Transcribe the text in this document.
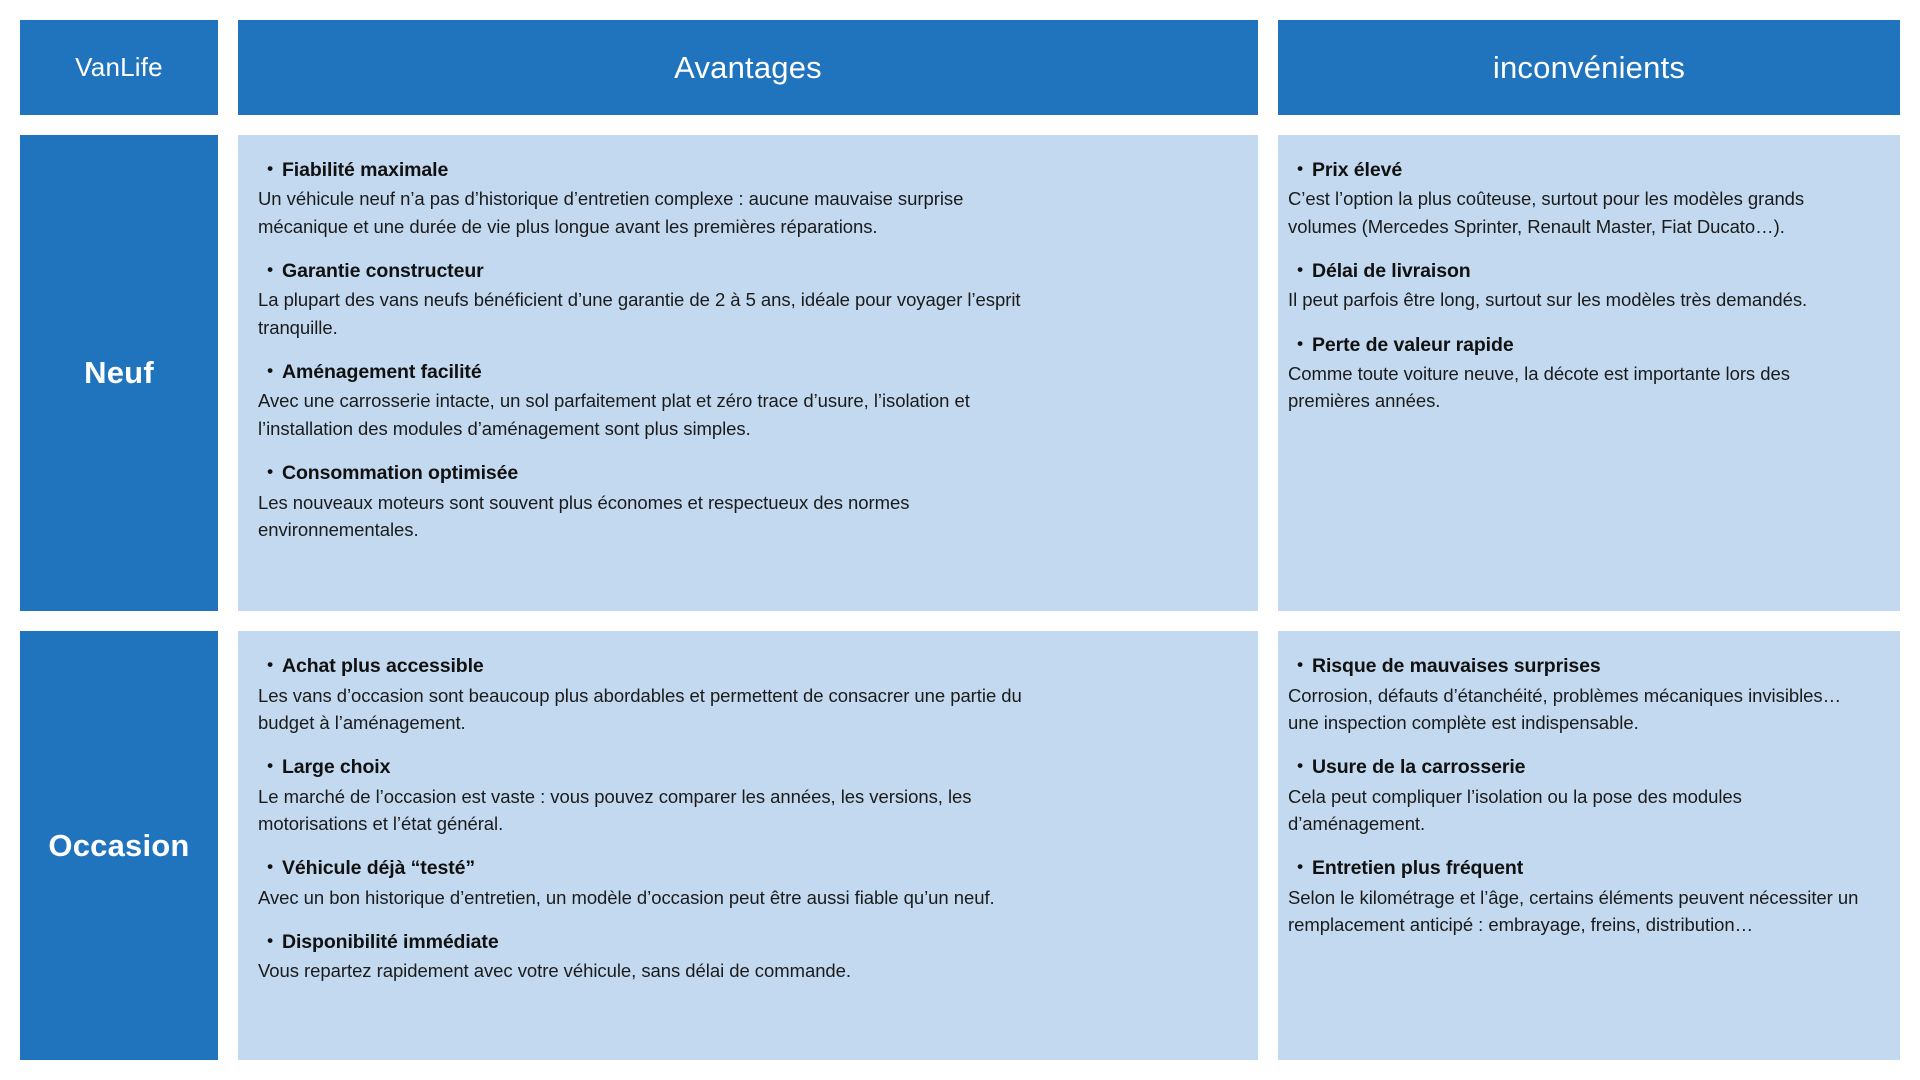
VanLife	Avantages	inconvénients
Neuf
• Fiabilité maximale
Un véhicule neuf n’a pas d’historique d’entretien complexe : aucune mauvaise surprise mécanique et une durée de vie plus longue avant les premières réparations.
• Garantie constructeur
La plupart des vans neufs bénéficient d’une garantie de 2 à 5 ans, idéale pour voyager l’esprit tranquille.
• Aménagement facilité
Avec une carrosserie intacte, un sol parfaitement plat et zéro trace d’usure, l’isolation et l’installation des modules d’aménagement sont plus simples.
• Consommation optimisée
Les nouveaux moteurs sont souvent plus économes et respectueux des normes environnementales.
• Prix élevé
C’est l’option la plus coûteuse, surtout pour les modèles grands volumes (Mercedes Sprinter, Renault Master, Fiat Ducato…).
• Délai de livraison
Il peut parfois être long, surtout sur les modèles très demandés.
• Perte de valeur rapide
Comme toute voiture neuve, la décote est importante lors des premières années.
Occasion
• Achat plus accessible
Les vans d’occasion sont beaucoup plus abordables et permettent de consacrer une partie du budget à l’aménagement.
• Large choix
Le marché de l’occasion est vaste : vous pouvez comparer les années, les versions, les motorisations et l’état général.
• Véhicule déjà “testé”
Avec un bon historique d’entretien, un modèle d’occasion peut être aussi fiable qu’un neuf.
• Disponibilité immédiate
Vous repartez rapidement avec votre véhicule, sans délai de commande.
• Risque de mauvaises surprises
Corrosion, défauts d’étanchéité, problèmes mécaniques invisibles… une inspection complète est indispensable.
• Usure de la carrosserie
Cela peut compliquer l’isolation ou la pose des modules d’aménagement.
• Entretien plus fréquent
Selon le kilométrage et l’âge, certains éléments peuvent nécessiter un remplacement anticipé : embrayage, freins, distribution…
